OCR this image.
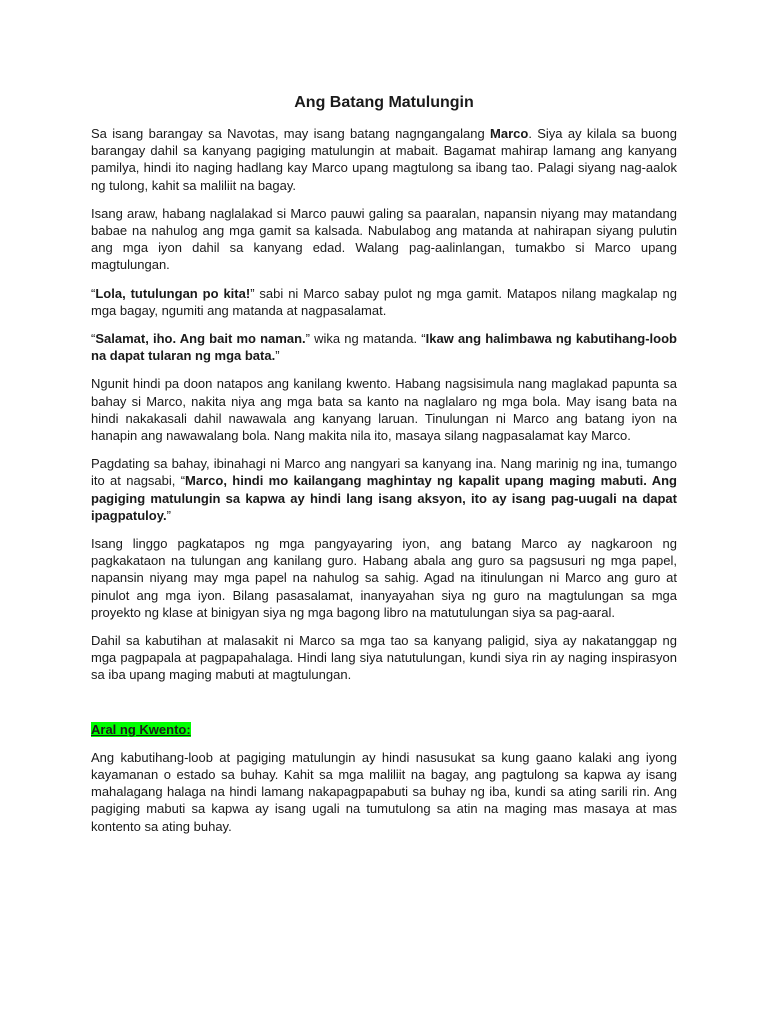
Ang Batang Matulungin

Sa isang barangay sa Navotas, may isang batang nagngangalang Marco. Siya ay kilala sa buong barangay dahil sa kanyang pagiging matulungin at mabait. Bagamat mahirap lamang ang kanyang pamilya, hindi ito naging hadlang kay Marco upang magtulong sa ibang tao. Palagi siyang nag-aalok ng tulong, kahit sa maliliit na bagay.

Isang araw, habang naglalakad si Marco pauwi galing sa paaralan, napansin niyang may matandang babae na nahulog ang mga gamit sa kalsada. Nabulabog ang matanda at nahirapan siyang pulutin ang mga iyon dahil sa kanyang edad. Walang pag-aalinlangan, tumakbo si Marco upang magtulungan.

“Lola, tutulungan po kita!” sabi ni Marco sabay pulot ng mga gamit. Matapos nilang magkalap ng mga bagay, ngumiti ang matanda at nagpasalamat.

“Salamat, iho. Ang bait mo naman.” wika ng matanda. “Ikaw ang halimbawa ng kabutihang-loob na dapat tularan ng mga bata.”

Ngunit hindi pa doon natapos ang kanilang kwento. Habang nagsisimula nang maglakad papunta sa bahay si Marco, nakita niya ang mga bata sa kanto na naglalaro ng mga bola. May isang bata na hindi nakakasali dahil nawawala ang kanyang laruan. Tinulungan ni Marco ang batang iyon na hanapin ang nawawalang bola. Nang makita nila ito, masaya silang nagpasalamat kay Marco.

Pagdating sa bahay, ibinahagi ni Marco ang nangyari sa kanyang ina. Nang marinig ng ina, tumango ito at nagsabi, “Marco, hindi mo kailangang maghintay ng kapalit upang maging mabuti. Ang pagiging matulungin sa kapwa ay hindi lang isang aksyon, ito ay isang pag-uugali na dapat ipagpatuloy.”

Isang linggo pagkatapos ng mga pangyayaring iyon, ang batang Marco ay nagkaroon ng pagkakataon na tulungan ang kanilang guro. Habang abala ang guro sa pagsusuri ng mga papel, napansin niyang may mga papel na nahulog sa sahig. Agad na itinulungan ni Marco ang guro at pinulot ang mga iyon. Bilang pasasalamat, inanyayahan siya ng guro na magtulungan sa mga proyekto ng klase at binigyan siya ng mga bagong libro na matutulungan siya sa pag-aaral.

Dahil sa kabutihan at malasakit ni Marco sa mga tao sa kanyang paligid, siya ay nakatanggap ng mga pagpapala at pagpapahalaga. Hindi lang siya natutulungan, kundi siya rin ay naging inspirasyon sa iba upang maging mabuti at magtulungan.

Aral ng Kwento:

Ang kabutihang-loob at pagiging matulungin ay hindi nasusukat sa kung gaano kalaki ang iyong kayamanan o estado sa buhay. Kahit sa mga maliliit na bagay, ang pagtulong sa kapwa ay isang mahalagang halaga na hindi lamang nakapagpapabuti sa buhay ng iba, kundi sa ating sarili rin. Ang pagiging mabuti sa kapwa ay isang ugali na tumutulong sa atin na maging mas masaya at mas kontento sa ating buhay.
